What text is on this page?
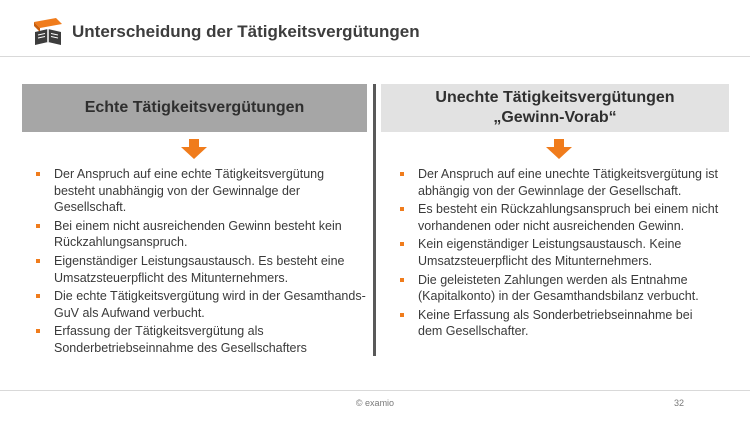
Unterscheidung der Tätigkeitsvergütungen
Echte Tätigkeitsvergütungen
Unechte Tätigkeitsvergütungen
„Gewinn-Vorab“
Der Anspruch auf eine echte Tätigkeitsvergütung besteht unabhängig von der Gewinnalge der Gesellschaft.
Bei einem nicht ausreichenden Gewinn besteht kein Rückzahlungsanspruch.
Eigenständiger Leistungsaustausch. Es besteht eine Umsatzsteuerpflicht des Mitunternehmers.
Die echte Tätigkeitsvergütung wird in der Gesamthands-GuV als Aufwand verbucht.
Erfassung der Tätigkeitsvergütung als Sonderbetriebseinnahme des Gesellschafters
Der Anspruch auf eine unechte Tätigkeitsvergütung ist abhängig von der Gewinnlage der Gesellschaft.
Es besteht ein Rückzahlungsanspruch bei einem nicht vorhandenen oder nicht ausreichenden Gewinn.
Kein eigenständiger Leistungsaustausch. Keine Umsatzsteuerpflicht des Mitunternehmers.
Die geleisteten Zahlungen werden als Entnahme (Kapitalkonto) in der Gesamthandsbilanz verbucht.
Keine Erfassung als Sonderbetriebseinnahme bei dem Gesellschafter.
© examio	32
